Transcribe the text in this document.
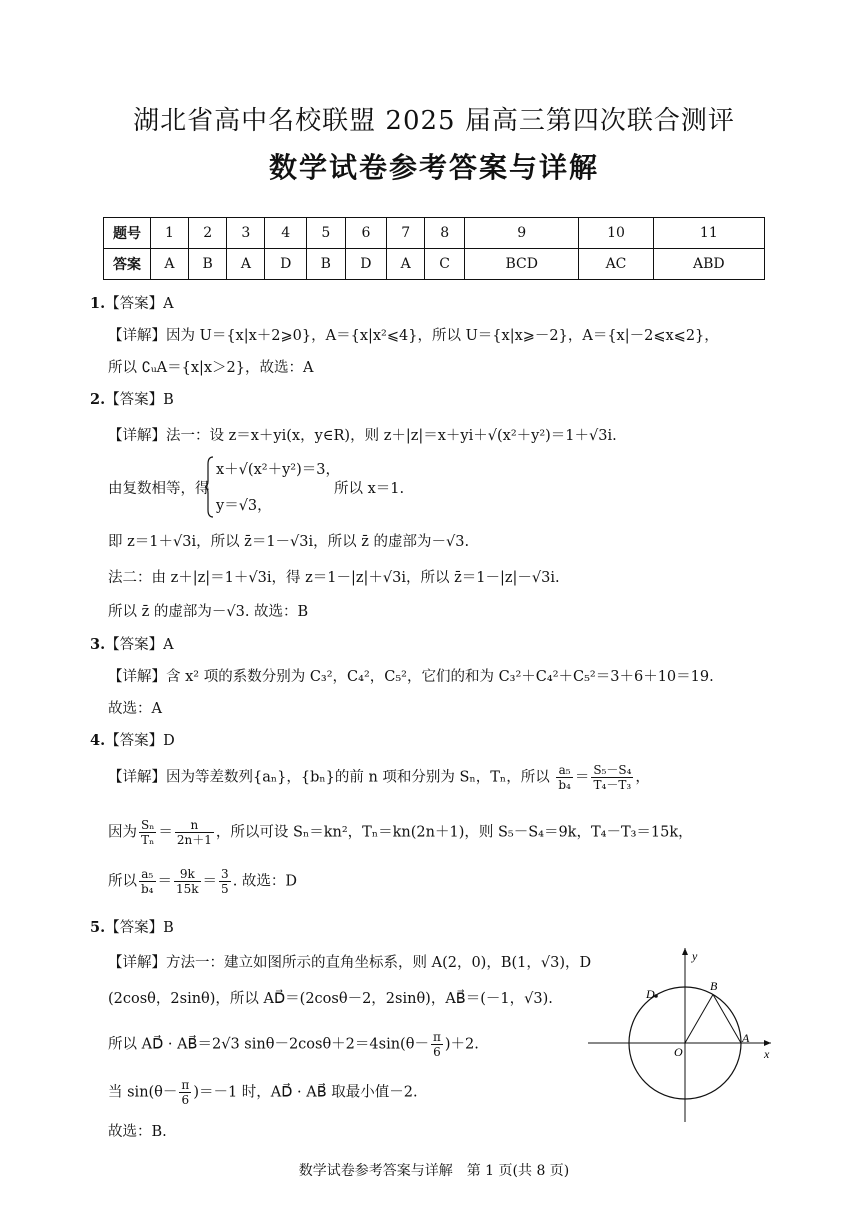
湖北省高中名校联盟 2025 届高三第四次联合测评
数学试卷参考答案与详解
题号	1	2	3	4	5	6	7	8	9	10	11
答案	A	B	A	D	B	D	A	C	BCD	AC	ABD
1.【答案】A
【详解】因为 U＝{x|x＋2⩾0}，A＝{x|x²⩽4}，所以 U＝{x|x⩾－2}，A＝{x|－2⩽x⩽2}，
所以 ∁ᵤA＝{x|x＞2}，故选：A
2.【答案】B
【详解】法一：设 z＝x＋yi(x，y∈R)，则 z＋|z|＝x＋yi＋√(x²＋y²)＝1＋√3i.
由复数相等，得
x＋√(x²＋y²)＝3，
y＝√3，
所以 x＝1.
即 z＝1＋√3i，所以 z̄＝1－√3i，所以 z̄ 的虚部为－√3.
法二：由 z＋|z|＝1＋√3i，得 z＝1－|z|＋√3i，所以 z̄＝1－|z|－√3i.
所以 z̄ 的虚部为－√3. 故选：B
3.【答案】A
【详解】含 x² 项的系数分别为 C₃²，C₄²，C₅²，它们的和为 C₃²＋C₄²＋C₅²＝3＋6＋10＝19.
故选：A
4.【答案】D
【详解】因为等差数列{aₙ}，{bₙ}的前 n 项和分别为 Sₙ，Tₙ，所以 $\frac{\text{a₅}}{\text{b₄}} = \frac{\text{S₅－S₄}}{\text{T₄－T₃}}$ ，
因为 $\frac{\text{Sₙ}}{\text{Tₙ}} = \frac{n}{2n+1}$ ，所以可设 Sₙ＝kn²，Tₙ＝kn(2n＋1)，则 S₅－S₄＝9k，T₄－T₃＝15k，
所以 $\frac{\text{a₅}}{\text{b₄}} = \frac{9k}{15k} = \frac{3}{5}$ . 故选：D
5.【答案】B
【详解】方法一：建立如图所示的直角坐标系，则 A(2，0)，B(1，√3)，D
(2cosθ，2sinθ)，所以 AD⃗＝(2cosθ－2，2sinθ)，AB⃗＝(－1，√3).
所以 AD⃗ · AB⃗＝2√3 $\sin\theta-2\cos\theta+2=4\sin(\theta- \frac{\pi}{6} )+2$.
当 $\sin(\theta- \frac{\pi}{6} )=-1$ 时，AD⃗ · AB⃗ 取最小值－2.
故选：B.
y
x
O
A
B
D
数学试卷参考答案与详解　第 1 页(共 8 页)
